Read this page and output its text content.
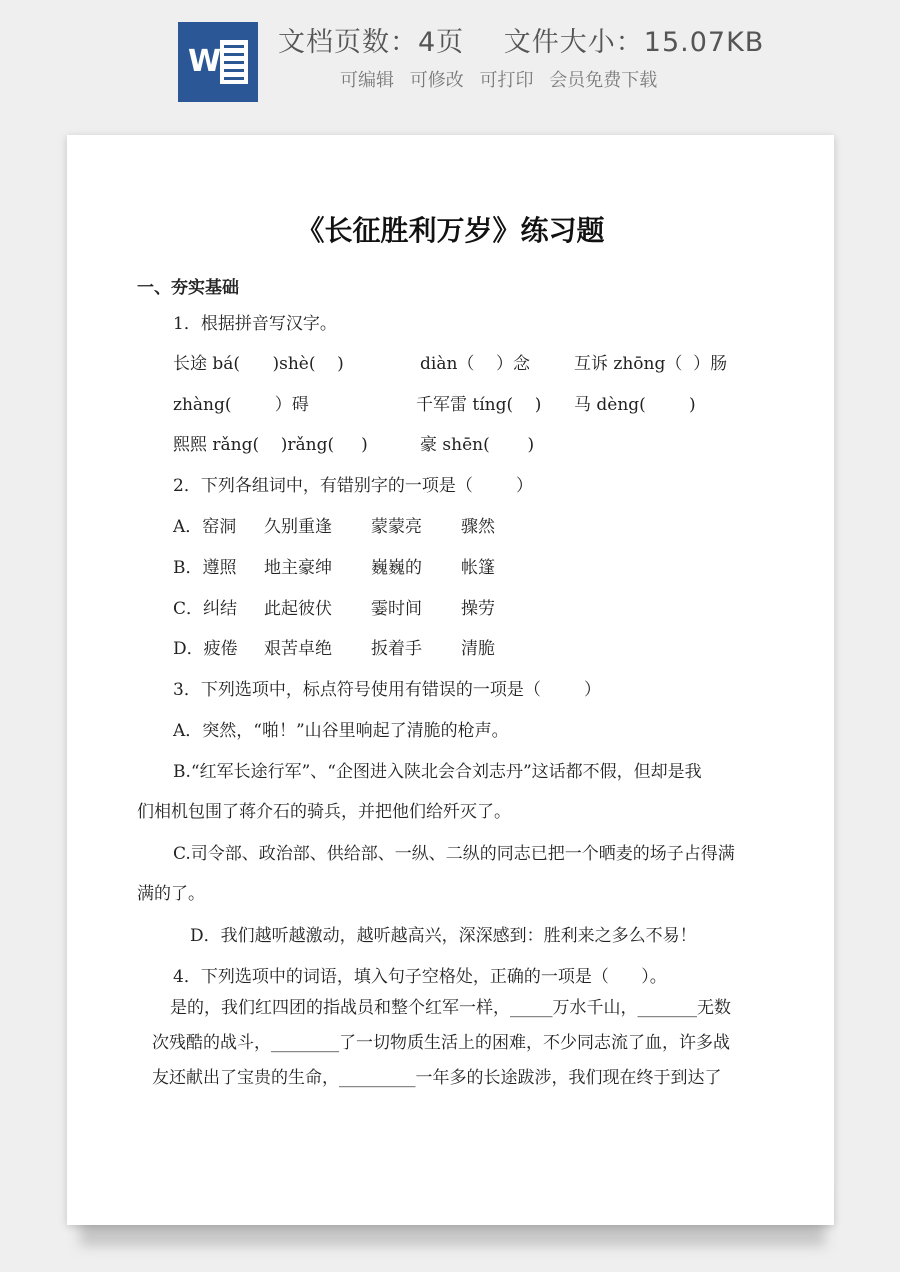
W
文档页数：4页 文件大小：15.07KB
可编辑 可修改 可打印 会员免费下载
《长征胜利万岁》练习题
一、夯实基础
1．根据拼音写汉字。
长途 bá(      )shè(    )	diàn（    ）念	互诉 zhōng（  ）肠
zhàng(        ）碍	千军雷 tíng(    ) 马 dèng(        )
熙熙 rǎng(    )rǎng(     )	豪 shēn(       )
2．下列各组词中，有错别字的一项是（        ）
A．窑洞 久别重逢 蒙蒙亮 骤然
B．遵照 地主豪绅 巍巍的 帐篷
C．纠结 此起彼伏 霎时间 操劳
D．疲倦 艰苦卓绝 扳着手 清脆
3．下列选项中，标点符号使用有错误的一项是（        ）
A．突然，“啪！”山谷里响起了清脆的枪声。
B.“红军长途行军”、“企图进入陕北会合刘志丹”这话都不假，但却是我
们相机包围了蒋介石的骑兵，并把他们给歼灭了。
C.司令部、政治部、供给部、一纵、二纵的同志已把一个晒麦的场子占得满
满的了。
D．我们越听越激动，越听越高兴，深深感到：胜利来之多么不易！
4．下列选项中的词语，填入句子空格处，正确的一项是（      ）。
是的，我们红四团的指战员和整个红军一样，_____万水千山，_______无数
次残酷的战斗，________了一切物质生活上的困难，不少同志流了血，许多战
友还献出了宝贵的生命，_________一年多的长途跋涉，我们现在终于到达了
